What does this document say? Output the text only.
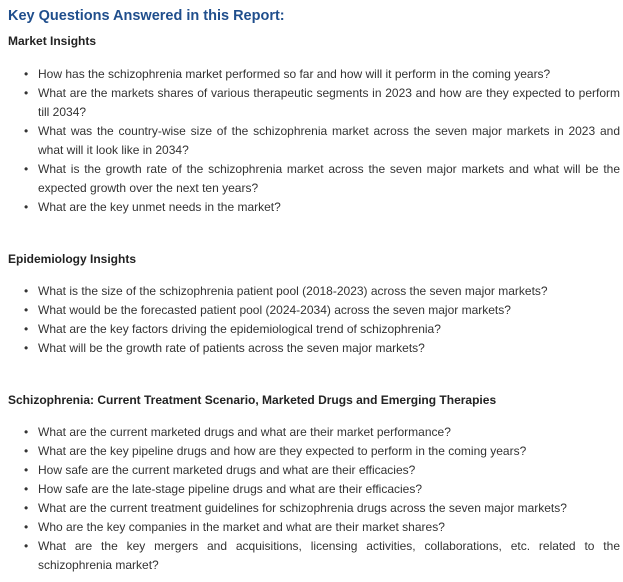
Key Questions Answered in this Report:
Market Insights
• How has the schizophrenia market performed so far and how will it perform in the coming years?
• What are the markets shares of various therapeutic segments in 2023 and how are they expected to perform till 2034?
• What was the country-wise size of the schizophrenia market across the seven major markets in 2023 and what will it look like in 2034?
• What is the growth rate of the schizophrenia market across the seven major markets and what will be the expected growth over the next ten years?
• What are the key unmet needs in the market?
Epidemiology Insights
• What is the size of the schizophrenia patient pool (2018-2023) across the seven major markets?
• What would be the forecasted patient pool (2024-2034) across the seven major markets?
• What are the key factors driving the epidemiological trend of schizophrenia?
• What will be the growth rate of patients across the seven major markets?
Schizophrenia: Current Treatment Scenario, Marketed Drugs and Emerging Therapies
• What are the current marketed drugs and what are their market performance?
• What are the key pipeline drugs and how are they expected to perform in the coming years?
• How safe are the current marketed drugs and what are their efficacies?
• How safe are the late-stage pipeline drugs and what are their efficacies?
• What are the current treatment guidelines for schizophrenia drugs across the seven major markets?
• Who are the key companies in the market and what are their market shares?
• What are the key mergers and acquisitions, licensing activities, collaborations, etc. related to the schizophrenia market?
